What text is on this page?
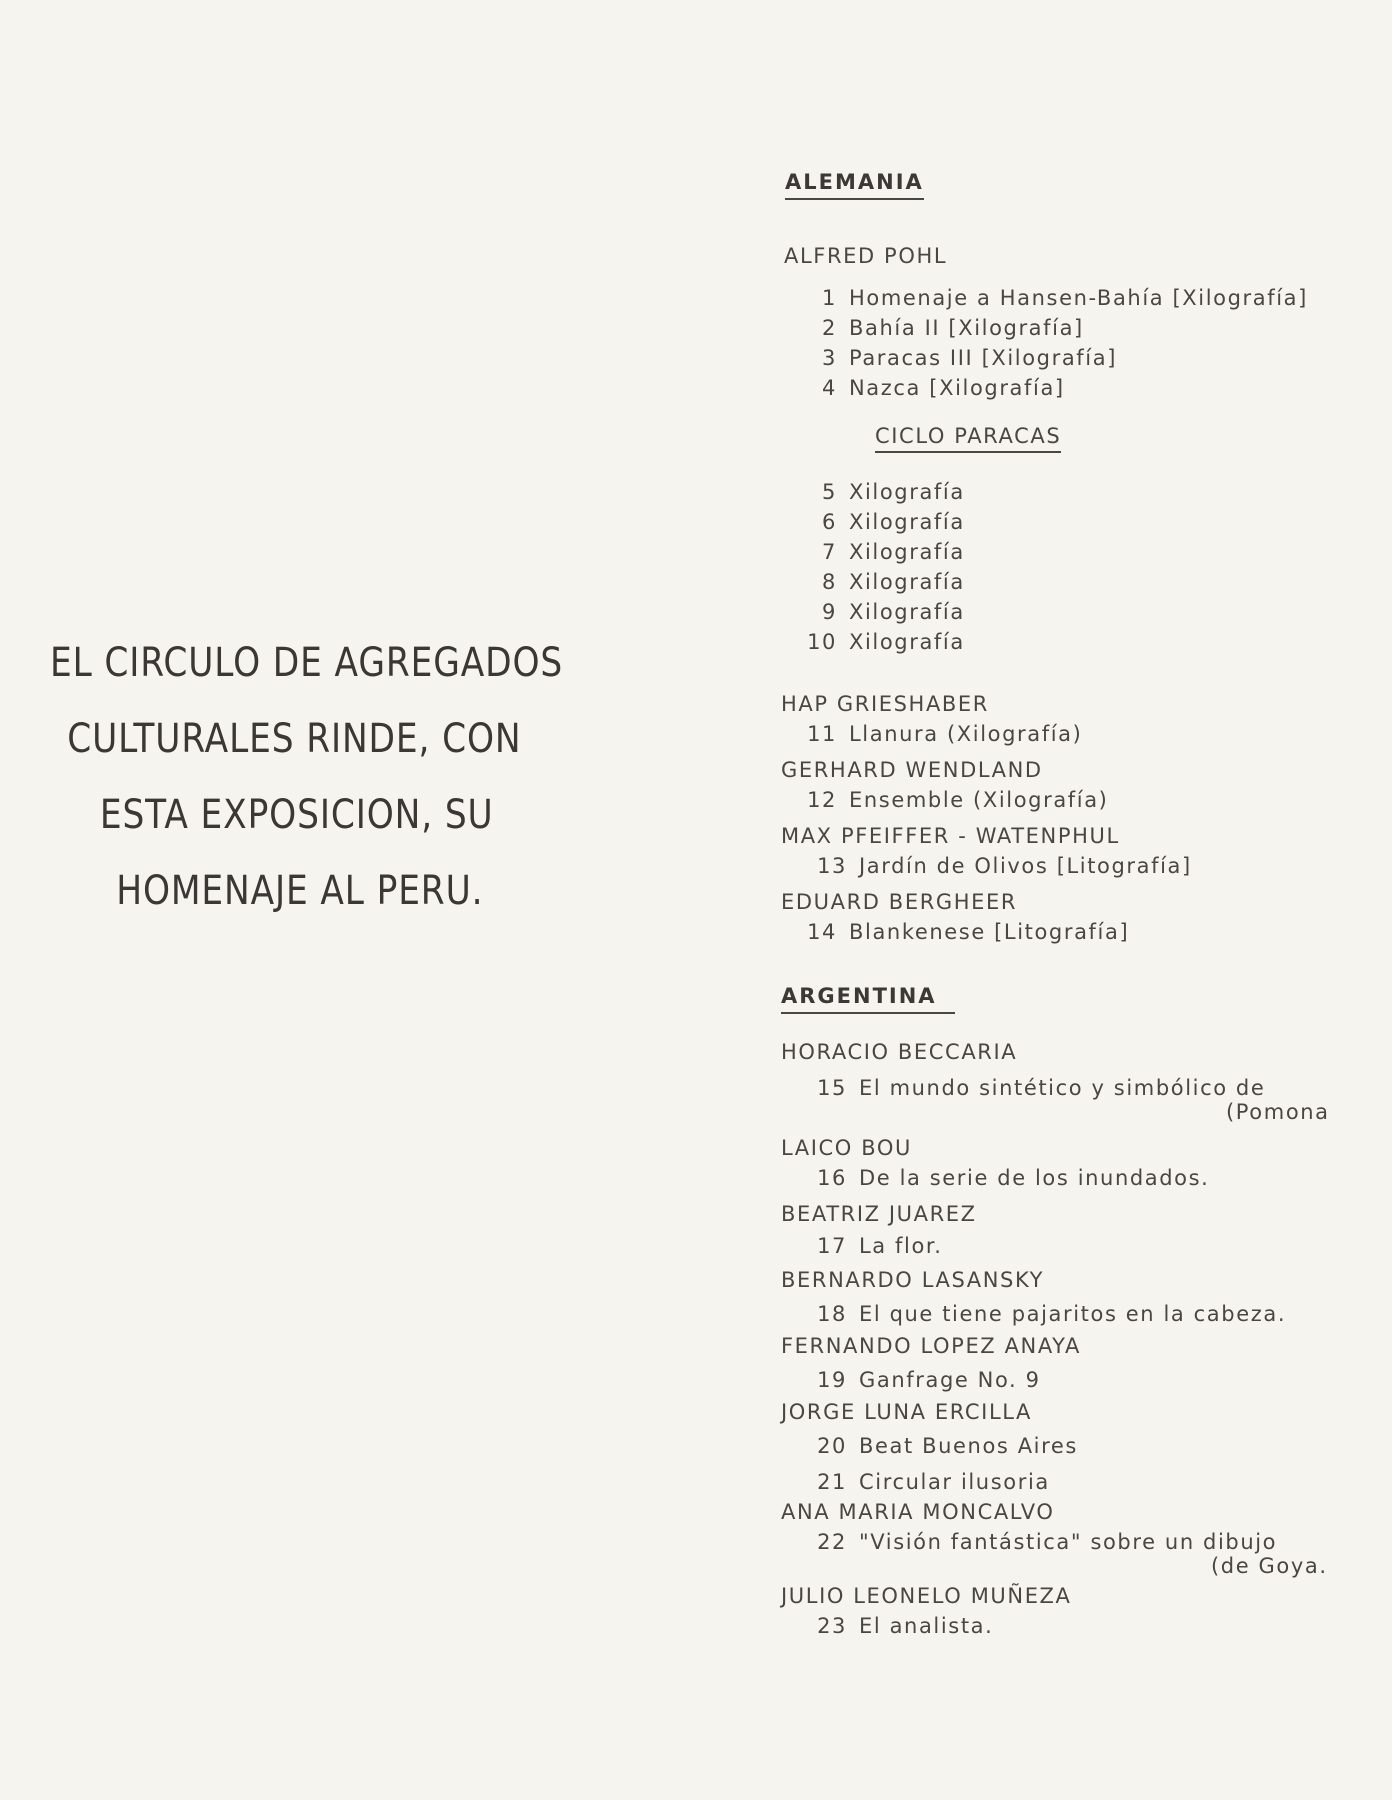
EL CIRCULO DE AGREGADOS
CULTURALES RINDE, CON
ESTA EXPOSICION, SU
HOMENAJE AL PERU.
ALEMANIA
ALFRED POHL
1 Homenaje a Hansen-Bahía [Xilografía]
2 Bahía II [Xilografía]
3 Paracas III [Xilografía]
4 Nazca [Xilografía]
CICLO PARACAS
5 Xilografía
6 Xilografía
7 Xilografía
8 Xilografía
9 Xilografía
10 Xilografía
HAP GRIESHABER
11 Llanura (Xilografía)
GERHARD WENDLAND
12 Ensemble (Xilografía)
MAX PFEIFFER - WATENPHUL
13 Jardín de Olivos [Litografía]
EDUARD BERGHEER
14 Blankenese [Litografía]
ARGENTINA
HORACIO BECCARIA
15 El mundo sintético y simbólico de
(Pomona
LAICO BOU
16 De la serie de los inundados.
BEATRIZ JUAREZ
17 La flor.
BERNARDO LASANSKY
18 El que tiene pajaritos en la cabeza.
FERNANDO LOPEZ ANAYA
19 Ganfrage No. 9
JORGE LUNA ERCILLA
20 Beat Buenos Aires
21 Circular ilusoria
ANA MARIA MONCALVO
22 "Visión fantástica" sobre un dibujo
(de Goya.
JULIO LEONELO MUÑEZA
23 El analista.
